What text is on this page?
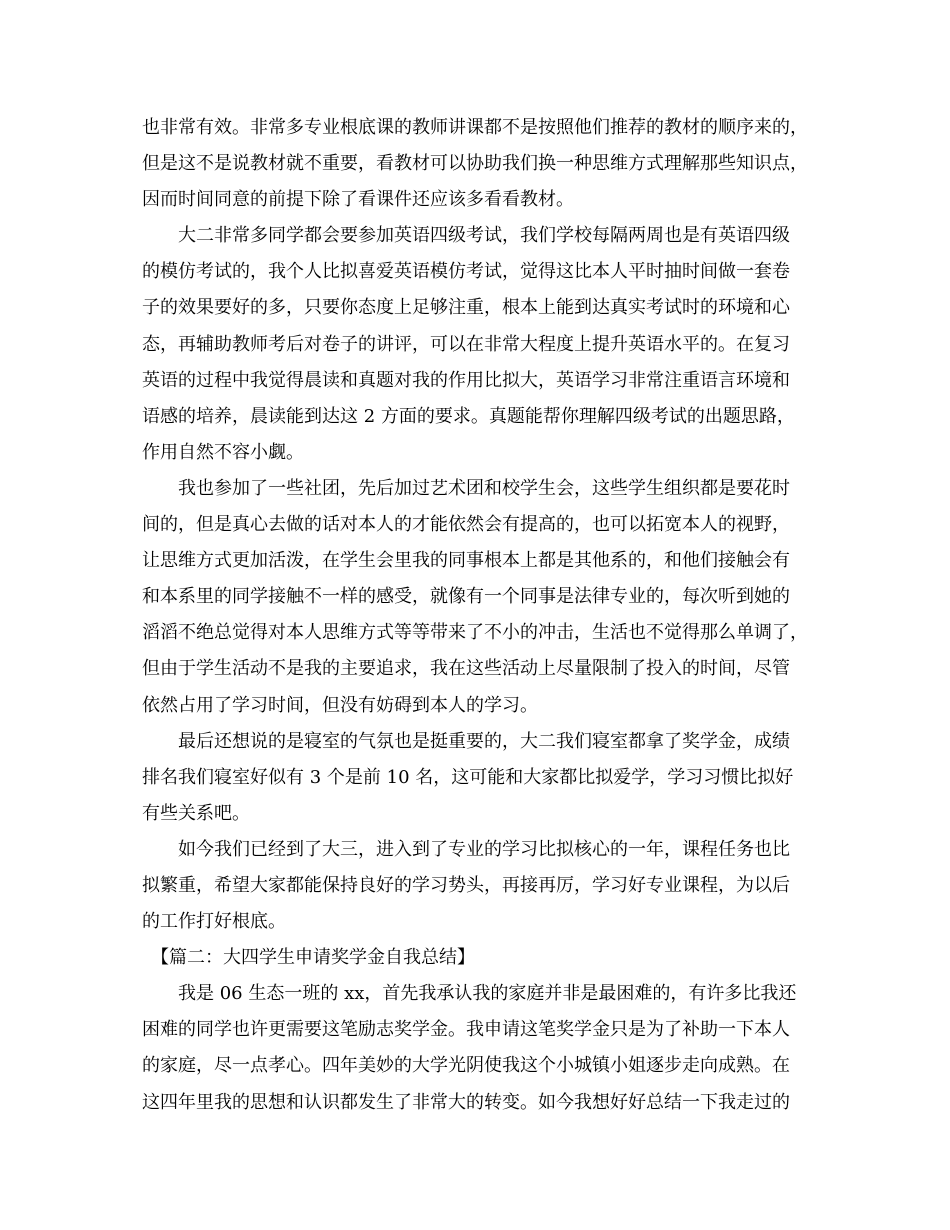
也非常有效。非常多专业根底课的教师讲课都不是按照他们推荐的教材的顺序来的，
但是这不是说教材就不重要，看教材可以协助我们换一种思维方式理解那些知识点，
因而时间同意的前提下除了看课件还应该多看看教材。
　　大二非常多同学都会要参加英语四级考试，我们学校每隔两周也是有英语四级
的模仿考试的，我个人比拟喜爱英语模仿考试，觉得这比本人平时抽时间做一套卷
子的效果要好的多，只要你态度上足够注重，根本上能到达真实考试时的环境和心
态，再辅助教师考后对卷子的讲评，可以在非常大程度上提升英语水平的。在复习
英语的过程中我觉得晨读和真题对我的作用比拟大，英语学习非常注重语言环境和
语感的培养，晨读能到达这 2 方面的要求。真题能帮你理解四级考试的出题思路，
作用自然不容小觑。
　　我也参加了一些社团，先后加过艺术团和校学生会，这些学生组织都是要花时
间的，但是真心去做的话对本人的才能依然会有提高的，也可以拓宽本人的视野，
让思维方式更加活泼，在学生会里我的同事根本上都是其他系的，和他们接触会有
和本系里的同学接触不一样的感受，就像有一个同事是法律专业的，每次听到她的
滔滔不绝总觉得对本人思维方式等等带来了不小的冲击，生活也不觉得那么单调了，
但由于学生活动不是我的主要追求，我在这些活动上尽量限制了投入的时间，尽管
依然占用了学习时间，但没有妨碍到本人的学习。
　　最后还想说的是寝室的气氛也是挺重要的，大二我们寝室都拿了奖学金，成绩
排名我们寝室好似有 3 个是前 10 名，这可能和大家都比拟爱学，学习习惯比拟好
有些关系吧。
　　如今我们已经到了大三，进入到了专业的学习比拟核心的一年，课程任务也比
拟繁重，希望大家都能保持良好的学习势头，再接再厉，学习好专业课程，为以后
的工作打好根底。
　【篇二：大四学生申请奖学金自我总结】
　　我是 06 生态一班的 xx，首先我承认我的家庭并非是最困难的，有许多比我还
困难的同学也许更需要这笔励志奖学金。我申请这笔奖学金只是为了补助一下本人
的家庭，尽一点孝心。四年美妙的大学光阴使我这个小城镇小姐逐步走向成熟。在
这四年里我的思想和认识都发生了非常大的转变。如今我想好好总结一下我走过的
